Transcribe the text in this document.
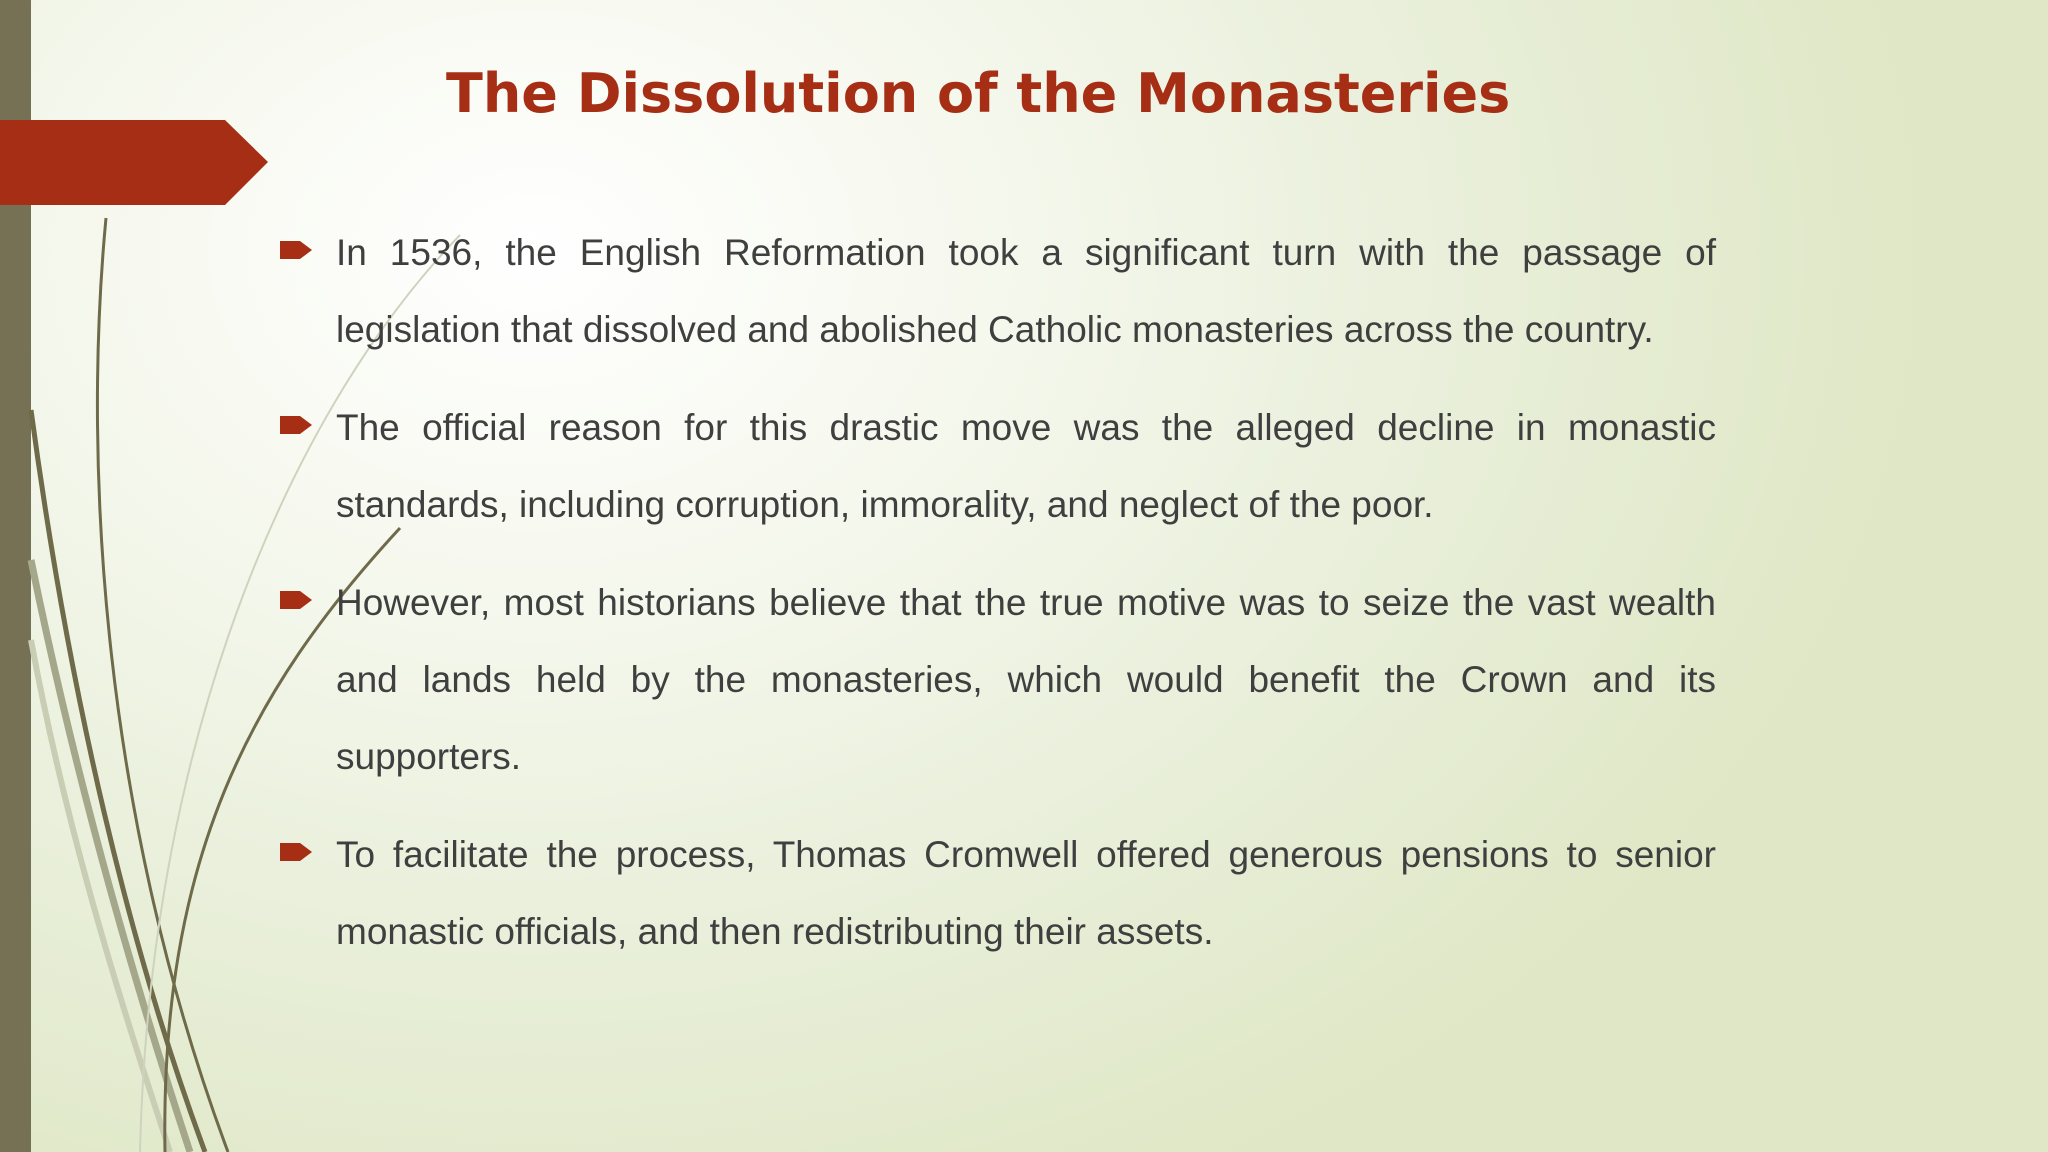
The Dissolution of the Monasteries
In 1536, the English Reformation took a significant turn with the passage of legislation that dissolved and abolished Catholic monasteries across the country.
The official reason for this drastic move was the alleged decline in monastic standards, including corruption, immorality, and neglect of the poor.
However, most historians believe that the true motive was to seize the vast wealth and lands held by the monasteries, which would benefit the Crown and its supporters.
To facilitate the process, Thomas Cromwell offered generous pensions to senior monastic officials, and then redistributing their assets.
